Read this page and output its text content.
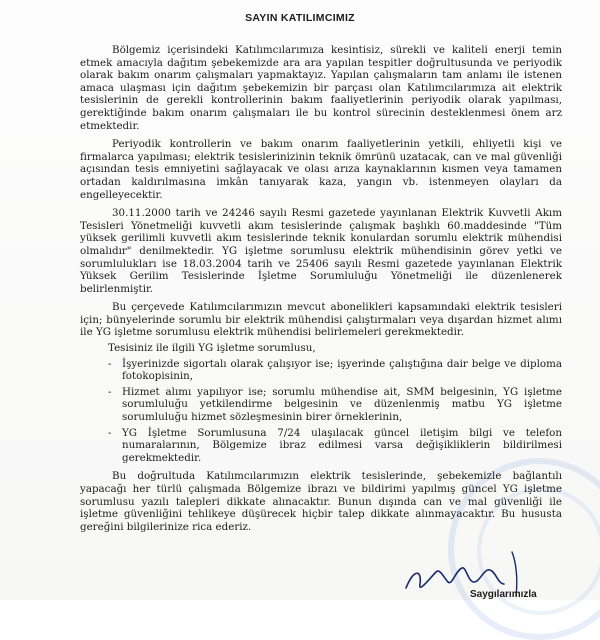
SAYIN KATILIMCIMIZ

Bölgemiz içerisindeki Katılımcılarımıza kesintisiz, sürekli ve kaliteli enerji temin etmek amacıyla dağıtım şebekemizde ara ara yapılan tespitler doğrultusunda ve periyodik olarak bakım onarım çalışmaları yapmaktayız. Yapılan çalışmaların tam anlamı ile istenen amaca ulaşması için dağıtım şebekemizin bir parçası olan Katılımcılarımıza ait elektrik tesislerinin de gerekli kontrollerinin bakım faaliyetlerinin periyodik olarak yapılması, gerektiğinde bakım onarım çalışmaları ile bu kontrol sürecinin desteklenmesi önem arz etmektedir.

Periyodik kontrollerin ve bakım onarım faaliyetlerinin yetkili, ehliyetli kişi ve firmalarca yapılması; elektrik tesislerinizinin teknik ömrünü uzatacak, can ve mal güvenliği açısından tesis emniyetini sağlayacak ve olası arıza kaynaklarının kısmen veya tamamen ortadan kaldırılmasına imkân tanıyarak kaza, yangın vb. istenmeyen olayları da engelleyecektir.

30.11.2000 tarih ve 24246 sayılı Resmi gazetede yayınlanan Elektrik Kuvvetli Akım Tesisleri Yönetmeliği kuvvetli akım tesislerinde çalışmak başlıklı 60.maddesinde "Tüm yüksek gerilimli kuvvetli akım tesislerinde teknik konulardan sorumlu elektrik mühendisi olmalıdır" denilmektedir. YG işletme sorumlusu elektrik mühendisinin görev yetki ve sorumlulukları ise 18.03.2004 tarih ve 25406 sayılı Resmi gazetede yayınlanan Elektrik Yüksek Gerilim Tesislerinde İşletme Sorumluluğu Yönetmeliği ile düzenlenerek belirlenmiştir.

Bu çerçevede Katılımcılarımızın mevcut abonelikleri kapsamındaki elektrik tesisleri için; bünyelerinde sorumlu bir elektrik mühendisi çalıştırmaları veya dışardan hizmet alımı ile YG işletme sorumlusu elektrik mühendisi belirlemeleri gerekmektedir.

Tesisiniz ile ilgili YG işletme sorumlusu,

- İşyerinizde sigortalı olarak çalışıyor ise; işyerinde çalıştığına dair belge ve diploma fotokopisinin,
- Hizmet alımı yapılıyor ise; sorumlu mühendise ait, SMM belgesinin, YG işletme sorumluluğu yetkilendirme belgesinin ve düzenlenmiş matbu YG işletme sorumluluğu hizmet sözleşmesinin birer örneklerinin,
- YG İşletme Sorumlusuna 7/24 ulaşılacak güncel iletişim bilgi ve telefon numaralarının, Bölgemize ibraz edilmesi varsa değişikliklerin bildirilmesi gerekmektedir.

Bu doğrultuda Katılımcılarımızın elektrik tesislerinde, şebekemizle bağlantılı yapacağı her türlü çalışmada Bölgemize ibrazı ve bildirimi yapılmış güncel YG işletme sorumlusu yazılı talepleri dikkate alınacaktır. Bunun dışında can ve mal güvenliği ile işletme güvenliğini tehlikeye düşürecek hiçbir talep dikkate alınmayacaktır. Bu hususta gereğini bilgilerinize rica ederiz.

Saygılarımızla
